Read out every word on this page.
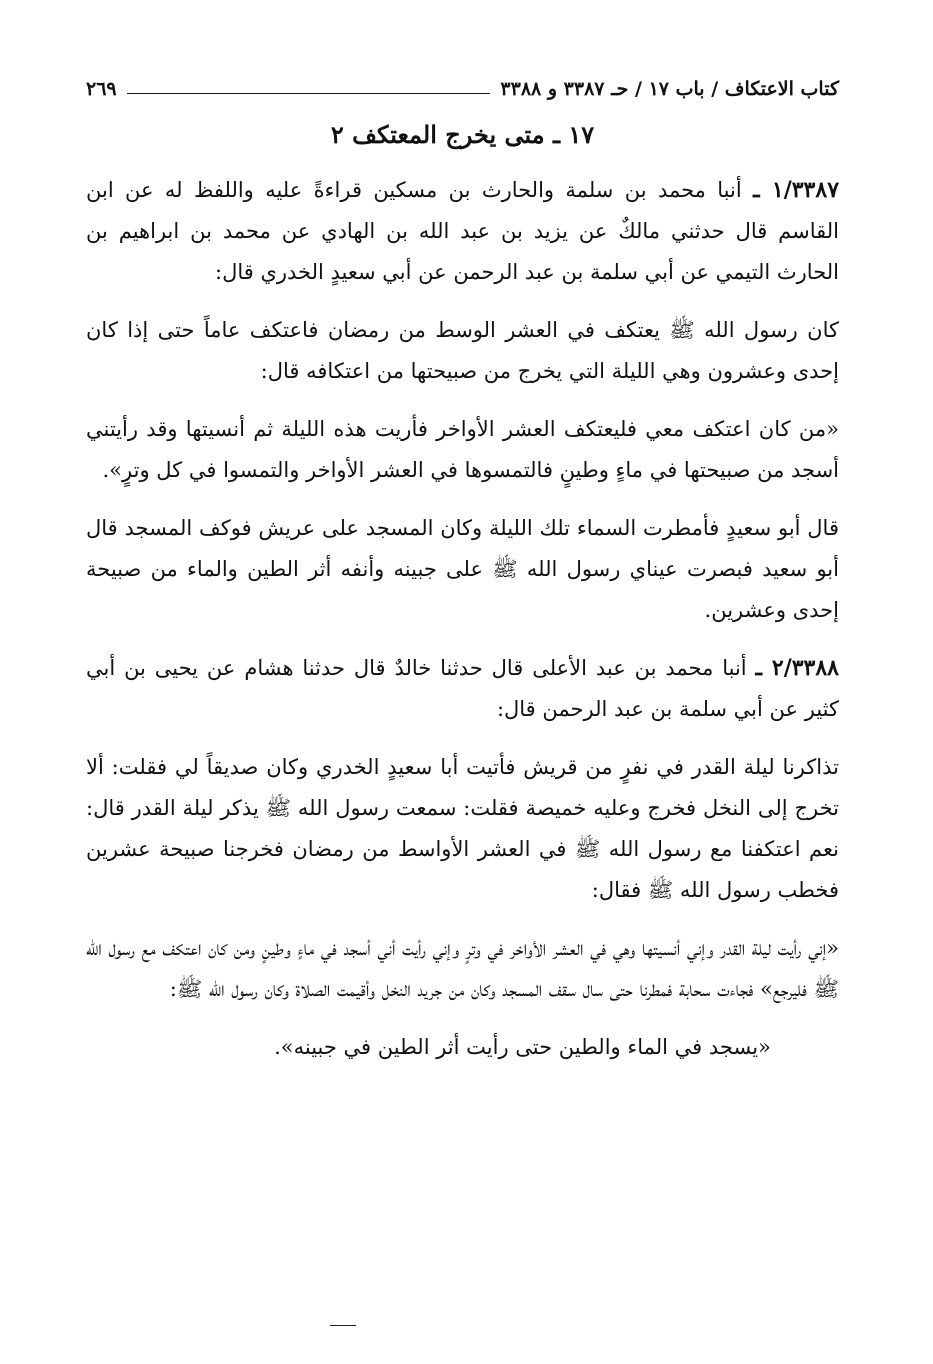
كتاب الاعتكاف / باب ١٧ / حـ ٣٣٨٧ و ٣٣٨٨
٢٦٩
١٧ ـ متى يخرج المعتكف ٢

١/٣٣٨٧ ـ أنبا محمد بن سلمة والحارث بن مسكين قراءةً عليه واللفظ له عن ابن القاسم قال حدثني مالكٌ عن يزيد بن عبد الله بن الهادي عن محمد بن ابراهيم بن الحارث التيمي عن أبي سلمة بن عبد الرحمن عن أبي سعيدٍ الخدري قال:

كان رسول الله ﷺ يعتكف في العشر الوسط من رمضان فاعتكف عاماً حتى إذا كان إحدى وعشرون وهي الليلة التي يخرج من صبيحتها من اعتكافه قال:

«من كان اعتكف معي فليعتكف العشر الأواخر فأريت هذه الليلة ثم أنسيتها وقد رأيتني أسجد من صبيحتها في ماءٍ وطينٍ فالتمسوها في العشر الأواخر والتمسوا في كل وترٍ».

قال أبو سعيدٍ فأمطرت السماء تلك الليلة وكان المسجد على عريش فوكف المسجد قال أبو سعيد فبصرت عيناي رسول الله ﷺ على جبينه وأنفه أثر الطين والماء من صبيحة إحدى وعشرين.

٢/٣٣٨٨ ـ أنبا محمد بن عبد الأعلى قال حدثنا خالدٌ قال حدثنا هشام عن يحيى بن أبي كثير عن أبي سلمة بن عبد الرحمن قال:

تذاكرنا ليلة القدر في نفرٍ من قريش فأتيت أبا سعيدٍ الخدري وكان صديقاً لي فقلت: ألا تخرج إلى النخل فخرج وعليه خميصة فقلت: سمعت رسول الله ﷺ يذكر ليلة القدر قال: نعم اعتكفنا مع رسول الله ﷺ في العشر الأواسط من رمضان فخرجنا صبيحة عشرين فخطب رسول الله ﷺ فقال:

«إني رأيت ليلة القدر وإني أنسيتها وهي في العشر الأواخر في وترٍ وإني رأيت أني أسجد في ماءٍ وطينٍ ومن كان اعتكف مع رسول الله ﷺ فليرجع» فجاءت سحابة فمطرنا حتى سال سقف المسجد وكان من جريد النخل وأقيمت الصلاة وكان رسول الله ﷺ:

«يسجد في الماء والطين حتى رأيت أثر الطين في جبينه».
